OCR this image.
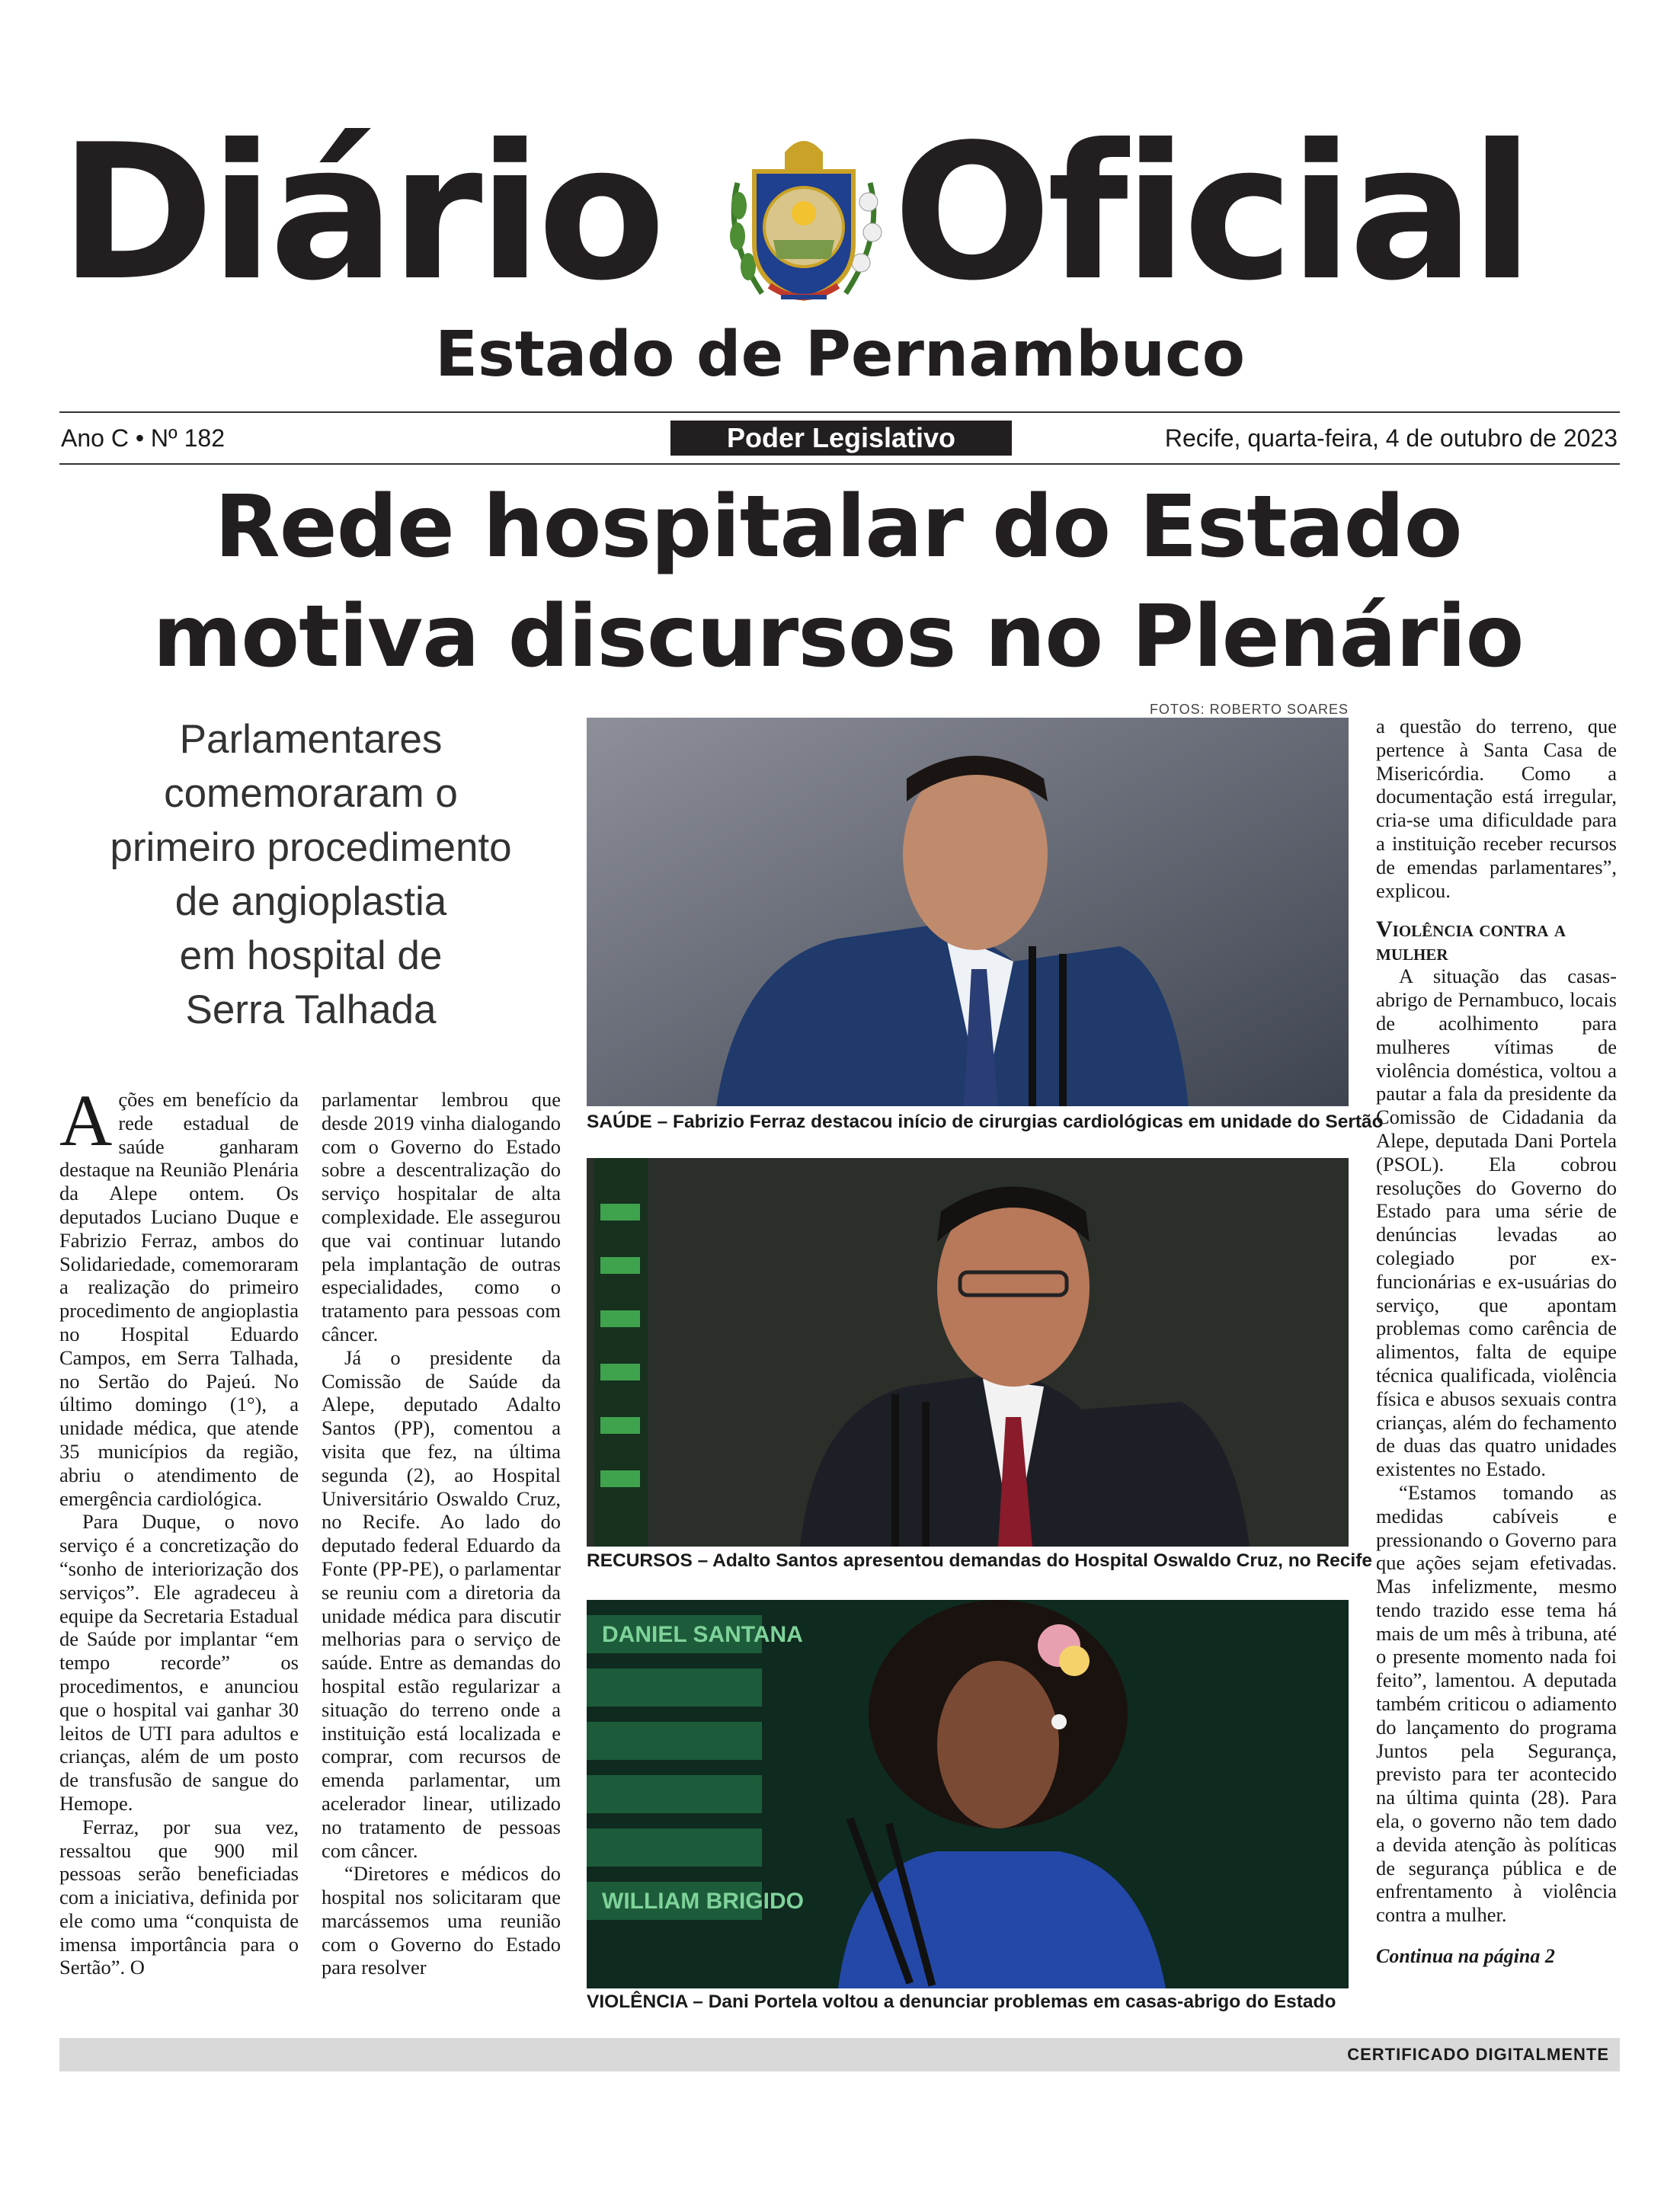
Diário Oficial
Estado de Pernambuco
Ano C • Nº 182	Poder Legislativo	Recife, quarta-feira, 4 de outubro de 2023
Rede hospitalar do Estado
motiva discursos no Plenário
Parlamentares
comemoraram o
primeiro procedimento
de angioplastia
em hospital de
Serra Talhada

Ações em benefício da rede estadual de saúde ganharam destaque na Reunião Plenária da Alepe ontem. Os deputados Luciano Duque e Fabrizio Ferraz, ambos do Solidariedade, comemoraram a realização do primeiro procedimento de angioplastia no Hospital Eduardo Campos, em Serra Talhada, no Sertão do Pajeú. No último domingo (1°), a unidade médica, que atende 35 municípios da região, abriu o atendimento de emergência cardiológica.

Para Duque, o novo serviço é a concretização do “sonho de interiorização dos serviços”. Ele agradeceu à equipe da Secretaria Estadual de Saúde por implantar “em tempo recorde” os procedimentos, e anunciou que o hospital vai ganhar 30 leitos de UTI para adultos e crianças, além de um posto de transfusão de sangue do Hemope.

Ferraz, por sua vez, ressaltou que 900 mil pessoas serão beneficiadas com a iniciativa, definida por ele como uma “conquista de imensa importância para o Sertão”. O

parlamentar lembrou que desde 2019 vinha dialogando com o Governo do Estado sobre a descentralização do serviço hospitalar de alta complexidade. Ele assegurou que vai continuar lutando pela implantação de outras especialidades, como o tratamento para pessoas com câncer.

Já o presidente da Comissão de Saúde da Alepe, deputado Adalto Santos (PP), comentou a visita que fez, na última segunda (2), ao Hospital Universitário Oswaldo Cruz, no Recife. Ao lado do deputado federal Eduardo da Fonte (PP-PE), o parlamentar se reuniu com a diretoria da unidade médica para discutir melhorias para o serviço de saúde. Entre as demandas do hospital estão regularizar a situação do terreno onde a instituição está localizada e comprar, com recursos de emenda parlamentar, um acelerador linear, utilizado no tratamento de pessoas com câncer.

“Diretores e médicos do hospital nos solicitaram que marcássemos uma reunião com o Governo do Estado para resolver

FOTOS: ROBERTO SOARES
SAÚDE – Fabrizio Ferraz destacou início de cirurgias cardiológicas em unidade do Sertão
RECURSOS – Adalto Santos apresentou demandas do Hospital Oswaldo Cruz, no Recife
DANIEL SANTANA
WILLIAM BRIGIDO
VIOLÊNCIA – Dani Portela voltou a denunciar problemas em casas-abrigo do Estado

a questão do terreno, que pertence à Santa Casa de Misericórdia. Como a documentação está irregular, cria-se uma dificuldade para a instituição receber recursos de emendas parlamentares”, explicou.

Violência contra a mulher

A situação das casas-abrigo de Pernambuco, locais de acolhimento para mulheres vítimas de violência doméstica, voltou a pautar a fala da presidente da Comissão de Cidadania da Alepe, deputada Dani Portela (PSOL). Ela cobrou resoluções do Governo do Estado para uma série de denúncias levadas ao colegiado por ex-funcionárias e ex-usuárias do serviço, que apontam problemas como carência de alimentos, falta de equipe técnica qualificada, violência física e abusos sexuais contra crianças, além do fechamento de duas das quatro unidades existentes no Estado.

“Estamos tomando as medidas cabíveis e pressionando o Governo para que ações sejam efetivadas. Mas infelizmente, mesmo tendo trazido esse tema há mais de um mês à tribuna, até o presente momento nada foi feito”, lamentou. A deputada também criticou o adiamento do lançamento do programa Juntos pela Segurança, previsto para ter acontecido na última quinta (28). Para ela, o governo não tem dado a devida atenção às políticas de segurança pública e de enfrentamento à violência contra a mulher.

Continua na página 2

CERTIFICADO DIGITALMENTE
